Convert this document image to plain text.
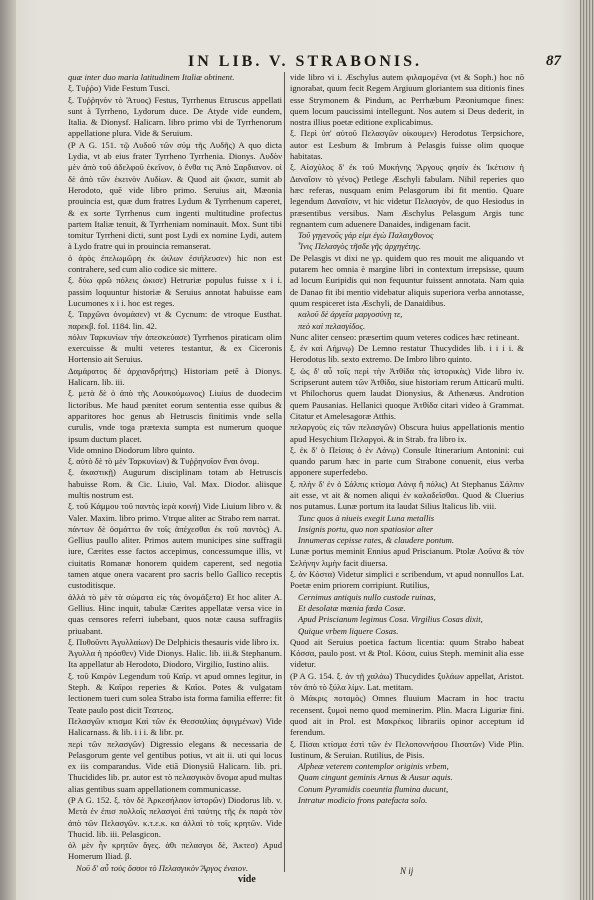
IN LIB. V. STRABONIS.	87

quæ inter duo maria latitudinem Italiæ obtinent.

ξ. Τυῤῥο) Vide Festum Tusci.

ξ. Τυῤῥηνὸν τὸ Ἄτυος) Festus, Tyrrhenus Etruscus appellati sunt à Tyrrheno, Lydorum duce. De Atyde vide eundem, Italia. & Dionysf. Halicarn. libro primo vbi de Tyrrhenorum appellatione plura. Vide & Seruium.

(P A G. 151. τῷ Λυδοῦ τῶν σύμ τῆς Λυδῆς) A quo dicta Lydia, vt ab eius frater Tyrrheno Tyrrhenia. Dionys. Λυδὸν μὲν ἀπὸ τοῦ ἀδελφοῦ ἐκεῖνον, ὁ ἔνθα τις Ἀπὸ Σαρδιανον. οἱ δὲ ἀπὸ τῶν ἐκεινὸν Λυδίων. & Quod ait ᾤκισε, sumit ab Herodoto, quē vide libro primo. Seruius ait, Mæonia prouincia est, quæ dum fratres Lydum & Tyrrhenum caperet, & ex sorte Tyrrhenus cum ingenti multitudine profectus partem Italiæ tenuit, & Tyrrheniam nominauit. Mox. Sunt tibi tomitur Tyrrheni dicti, sunt post Lydi ex nomine Lydi, autem à Lydo fratre qui in prouincia remanserat.

ὁ ἀρὸς ἐπελωμῶρη ἐκ ὠιλων ἐσιήλευσεν) hic non est contrahere, sed cum alio codice sic mittere.

ξ. δύω φρῶ πόλεις ὠκισε) Hetruriæ populus fuisse x i i. passim loquuntur historiæ & Seruius annotat habuisse eam Lucumones x i i. hoc est reges.

ξ. Ταρχῶνα ὀνομάσεν) vt & Cycnum: de vtroque Eusthat. παρεκβ. fol. 1184. lin. 42.

πόλιν Ταρκυνίων τὴν ἀπεσκεύασε) Tyrrhenos piraticam olim exercuisse & multi veteres testantur, & ex Ciceronis Hortensio ait Seruius.

Δαμάρατος δὲ ἀρχιανδρήτης) Historiam petē à Dionys. Halicarn. lib. iii.

ξ. μετὰ δὲ ὁ ἀπὸ τῆς Λουκούμωνος) Liuius de duodecim lictoribus. Me haud pænitet eorum sententia esse quibus & apparitores hoc genus ab Hetruscis finitimis vnde sella curulis, vnde toga prætexta sumpta est numerum quoque ipsum ductum placet.

Vide omnino Diodorum libro quinto.

ξ. αὐτὸ δὲ τὸ μὲν Ταρκυνίων) & Τυῤῥηνοῖον ἔναι ὀνομ.

ξ. ἀκαστικῇ) Augurum disciplinam totam ab Hetruscis habuisse Rom. & Cic. Liuio, Val. Max. Diodor. aliisque multis nostrum est.

ξ. τοῦ Κάμμου τοῦ παντὸς ἱερὰ κοινή) Vide Liuium libro v. & Valer. Maxim. libro primo. Vtrque aliter ac Strabo rem narrat.

πάντων δὲ ὀσμάττω ἂν τοῖς ἀπέχεσθαι ἐκ τοῦ παντὸς) A. Gellius paullo aliter. Primos autem municipes sine suffragii iure, Cærites esse factos accepimus, concessumque illis, vt ciuitatis Romanæ honorem quidem caperent, sed negotia tamen atque onera vacarent pro sacris bello Gallico receptis custoditisque.

ἀλλὰ τὸ μὲν τὰ σώματα εἰς τὰς ὀνομάξετα) Et hoc aliter A. Gellius. Hinc inquit, tabulæ Cærites appellatæ versa vice in quas censores referri iubebant, quos notæ causa suffragiis priuabant.

ξ. Πυθοῦντι Ἀγυλλαίων) De Delphicis thesauris vide libro ix.

Ἀγυλλα ἡ πρόσθεν) Vide Dionys. Halic. lib. iii.& Stephanum. Ita appellatur ab Herodoto, Diodoro, Virgilio, Iustino aliis.

ξ. τοῦ Καιρὸν Legendum τοῦ Καῖρ. vt apud omnes legitur, in Steph. & Καῖροι reperies & Καῖοι. Potes & vulgatam lectionem tueri cum solea Strabo ista forma familia efferre: fit Teate paulo post dicit Τεατεος.

Πελασγῶν κτισμα Καὶ τῶν ἐκ Θεσσαλίας ἀφιγμένων) Vide Halicarnass. & lib. i i i. & libr. pr.

περὶ τῶν πελασγῶν) Digressio elegans & necessaria de Pelasgorum gente vel gentibus potius, vt ait ii. uti qui locus ex iis comparandus. Vide etiā Dionysiū Halicarn. lib. pri. Thucidides lib. pr. autor est τὸ πελασγικὸν ὄνομα apud multas alias gentibus suam appellationem communicasse.

(P A G. 152. ξ. τὸν δὲ Ἀρκεσήλαον ἱστορῶν) Diodorus lib. v. Μετὰ ἐν ἐπισ πολλοῖς πελασγοὶ ἐπὶ ταύτης τῆς ἐκ παρὰ τὸν ἀπὸ τῶν Πελασγῶν. κ.τ.ε.κ. κα ἀλλαὶ τὸ τοῖς κρητῶν. Vide Thucid. lib. iii. Pelasgicon.

ὀλ μὲν ἦν κρητῶν ἄγες. ἀθι πελασγοι δὲ, Ἀκτεσ) Apud Homerum Iliad. β.

Νοῦ δ' αὖ τοὺς ὅσσοι τὸ Πελασγικὸν Ἄργος ἐναιον.

vide libro vi i. Æschylus autem φιλαμομένα (vt & Soph.) hoc nō ignorabat, quum fecit Regem Argiuum gloriantem sua ditionis fines esse Strymonem & Pindum, ac Perrhæbum Pæoniumque fines: quem locum paucissimi intellegunt. Nos autem si Deus dederit, in nostra illius poetæ editione explicabimus.

ξ. Περὶ ὑπ' αὐτοῦ Πελασγῶν οἰκουμεν) Herodotus Terpsichore, autor est Lesbum & Imbrum à Pelasgis fuisse olim quoque habitatas.

ξ. Αἰσχύλος δ' ἐκ τοῦ Μυκήνης Ἄργους φησίν ἐκ Ἰκέτισιν ἡ Δαναΐσιν τὸ γένος) Petlege Æschyli fabulam. Nihil reperies quo hæc referas, nusquam enim Pelasgorum ibi fit mentio. Quare legendum Δαναΐσιν, vt hic videtur Πελασγὸν, de quo Hesiodus in præsentibus versibus. Nam Æschylus Pelasgum Argis tunc regnantem cum aduenere Danaides, indigenam facit.

Τοῦ γηγενοῦς γάρ εἰμι ἐγὼ Παλαιχθονος

Ἶνις Πελασγὸς τῆσδε γῆς ἀρχηγέτης.

De Pelasgis vt dixi ne γρ. quidem quo res mouit me aliquando vt putarem hec omnia è margine libri in contextum irrepsisse, quum ad locum Euripidis qui non fequuntur fuissent annotata. Nam quia de Danao fit ibi mentio videbatur aliquis superiora verba annotasse, quum respiceret ista Æschyli, de Danaidibus.

καλοῦ δὲ ἀργεῖα μαργοσύνῃ τε,

πεὸ καὶ πελασγίδος.

Nunc aliter censeo: præsertim quum veteres codices hæc retineant.

ξ. ἐν καὶ Λήμνῳ) De Lemno restatur Thucydides lib. i i i i. & Herodotus lib. sexto extremo. De Imbro libro quinto.

ξ. ὡς δ' αὖ τοῖς περὶ τὴν Ἀτθίδα τὰς ἱστορικὰς) Vide libro iv. Scripserunt autem τῶν Ἀτθίδα, siue historiam rerum Atticarū multi. vt Philochorus quem laudat Dionysius, & Athenæus. Androtion quem Pausanias. Hellanici quoque Ἀτθίδα citari video à Grammat. Citatur et Amelesagoræ Atthis.

πελαργοὺς εἰς τῶν πελασγῶν) Obscura huius appellationis mentio apud Hesychium Πελαργοὶ. & in Strab. fra libro ix.

ξ. ἐκ δ' ὁ Πείσας ὁ ἐν Λάνῳ) Consule Itinerarium Antonini: cui quando parum hæc in parte cum Strabone conuenit, eius verba apponere superfedebo.

ξ. πλὴν δ' ἐν ὁ Σάλπις κτίσμα Λάνᾳ ἢ πόλις) At Stephanus Σάλπιν ait esse, vt ait & nomen aliqui ἐν καλαδεῖσθαι. Quod & Cluerius nos putamus. Lunæ portum ita laudat Silius Italicus lib. viii.

Tunc quos à niueis exegit Luna metallis

Insignis portu, quo non spatiosior alter

Innumeras cepisse rates, & claudere pontum.

Lunæ portus meminit Ennius apud Priscianum. Ptolæ Λοῦνα & τὸν Σελήνην λιμὴν facit diuersa.

ξ. ἀν Κόστα) Videtur simplici ε scribendum, vt apud nonnullos Lat. Poetæ enim priorem corripiunt. Rutilius,

Cernimus antiquis nullo custode ruinas,

Et desolatæ mœnia fœda Cosæ.

Apud Priscianum legimus Cosa. Virgilius Cosas dixit,

Quique vrbem liquere Cosas.

Quod ait Seruius poetica factum licentia: quum Strabo habeat Κόσσα, paulo post. vt & Ptol. Κόσα, cuius Steph. meminit alia esse videtur.

(P A G. 154. ξ. ἀν τῇ χαλάω) Thucydides ξυλάων appellat, Aristot. τὸν ἀπὸ τὸ ξύλα λίμν. Lat. metitam.

ὁ Μάκρις ποταμὸς) Omnes fluuium Macram in hoc tractu recensent. ξυμοὶ nemo quod meminerim. Plin. Macra Liguriæ fini. quod ait in Prol. est Μακρέκος librariis opinor acceptum id ferendum.

ξ. Πίσαι κτίσμα ἐστὶ τῶν ἐν Πελοποννήσου Πισατῶν) Vide Plin. Iustinum, & Seruian. Rutilius, de Pisis.

Alpheæ veterem contemplor originis vrbem,

Quam cingunt geminis Arnus & Ausur aquis.

Conum Pyramidis coeuntia flumina ducunt,

Intratur modicio frons patefacta solo.

vide
N ij
